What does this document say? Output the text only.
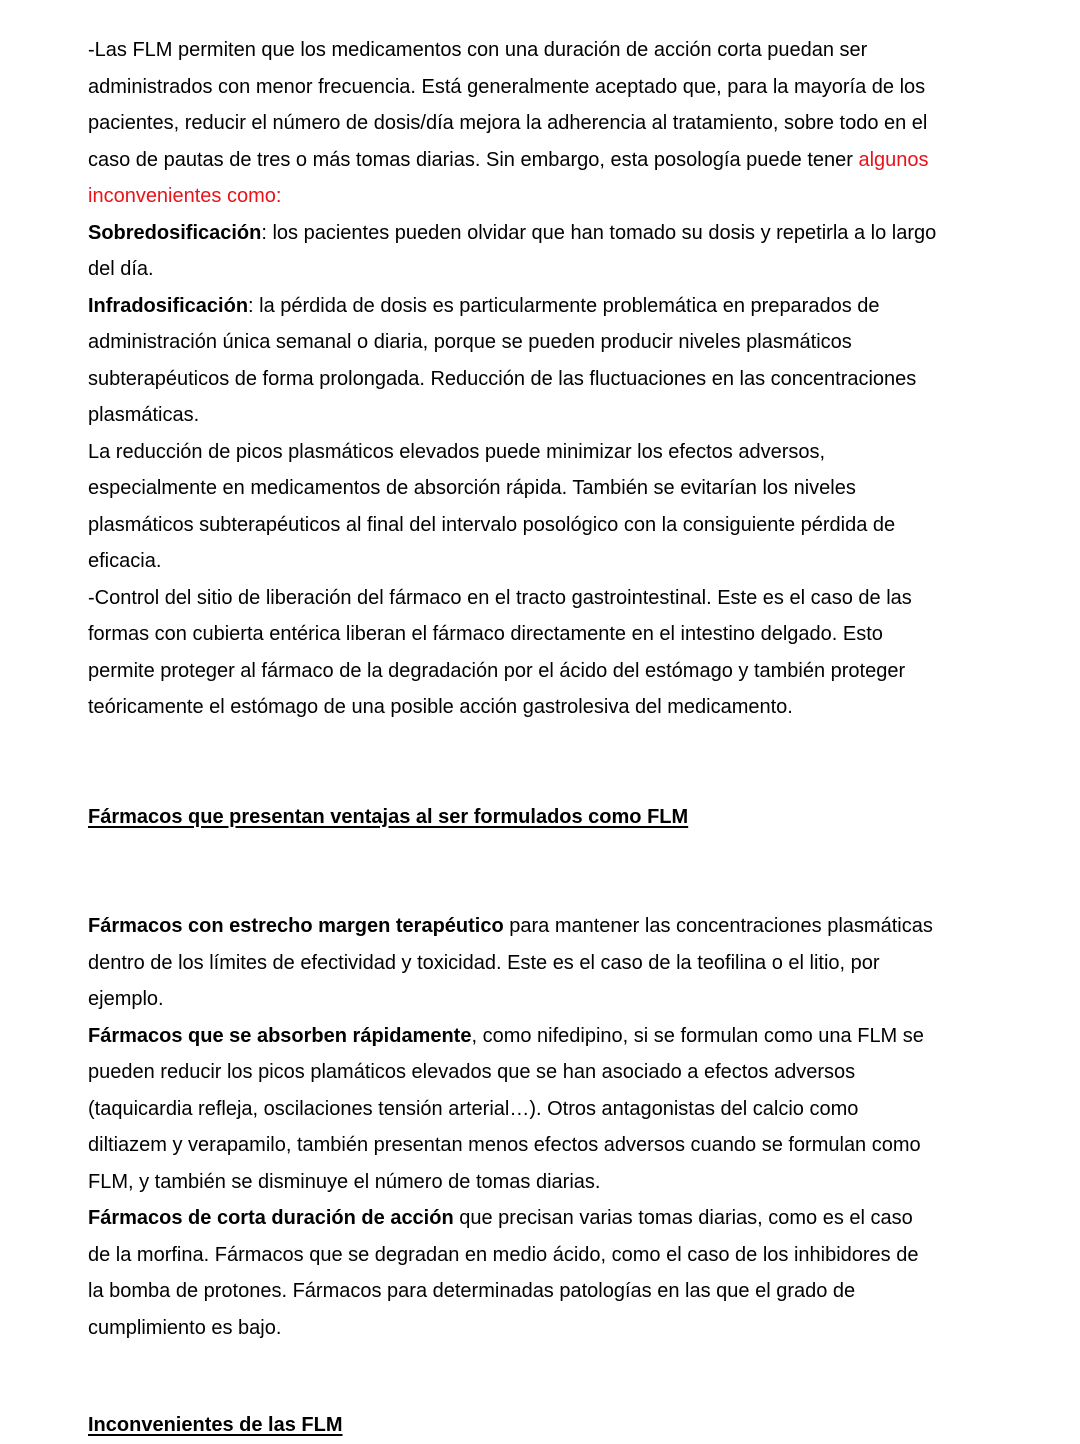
-Las FLM permiten que los medicamentos con una duración de acción corta puedan ser
administrados con menor frecuencia. Está generalmente aceptado que, para la mayoría de los
pacientes, reducir el número de dosis/día mejora la adherencia al tratamiento, sobre todo en el
caso de pautas de tres o más tomas diarias. Sin embargo, esta posología puede tener algunos
inconvenientes como:
Sobredosificación: los pacientes pueden olvidar que han tomado su dosis y repetirla a lo largo
del día.
Infradosificación: la pérdida de dosis es particularmente problemática en preparados de
administración única semanal o diaria, porque se pueden producir niveles plasmáticos
subterapéuticos de forma prolongada. Reducción de las fluctuaciones en las concentraciones
plasmáticas.
La reducción de picos plasmáticos elevados puede minimizar los efectos adversos,
especialmente en medicamentos de absorción rápida. También se evitarían los niveles
plasmáticos subterapéuticos al final del intervalo posológico con la consiguiente pérdida de
eficacia.
-Control del sitio de liberación del fármaco en el tracto gastrointestinal. Este es el caso de las
formas con cubierta entérica liberan el fármaco directamente en el intestino delgado. Esto
permite proteger al fármaco de la degradación por el ácido del estómago y también proteger
teóricamente el estómago de una posible acción gastrolesiva del medicamento.
Fármacos que presentan ventajas al ser formulados como FLM
Fármacos con estrecho margen terapéutico para mantener las concentraciones plasmáticas
dentro de los límites de efectividad y toxicidad. Este es el caso de la teofilina o el litio, por
ejemplo.
Fármacos que se absorben rápidamente, como nifedipino, si se formulan como una FLM se
pueden reducir los picos plamáticos elevados que se han asociado a efectos adversos
(taquicardia refleja, oscilaciones tensión arterial…). Otros antagonistas del calcio como
diltiazem y verapamilo, también presentan menos efectos adversos cuando se formulan como
FLM, y también se disminuye el número de tomas diarias.
Fármacos de corta duración de acción que precisan varias tomas diarias, como es el caso
de la morfina. Fármacos que se degradan en medio ácido, como el caso de los inhibidores de
la bomba de protones. Fármacos para determinadas patologías en las que el grado de
cumplimiento es bajo.
Inconvenientes de las FLM
